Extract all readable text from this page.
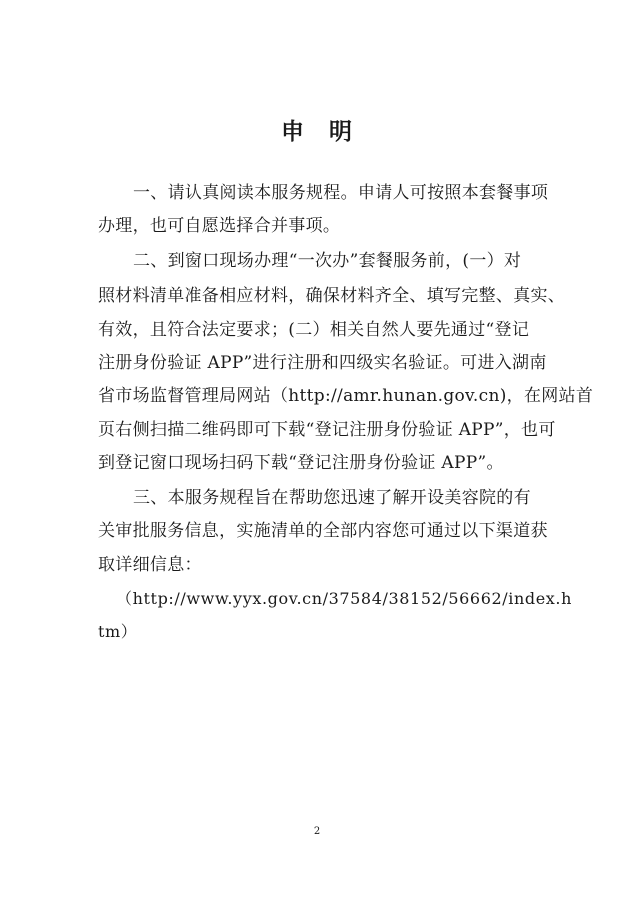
申　明
一、请认真阅读本服务规程。申请人可按照本套餐事项
办理，也可自愿选择合并事项。
二、到窗口现场办理“一次办”套餐服务前，(一）对
照材料清单准备相应材料，确保材料齐全、填写完整、真实、
有效，且符合法定要求；(二）相关自然人要先通过“登记
注册身份验证 APP”进行注册和四级实名验证。可进入湖南
省市场监督管理局网站（http://amr.hunan.gov.cn)，在网站首
页右侧扫描二维码即可下载“登记注册身份验证 APP”，也可
到登记窗口现场扫码下载“登记注册身份验证 APP”。
三、本服务规程旨在帮助您迅速了解开设美容院的有
关审批服务信息，实施清单的全部内容您可通过以下渠道获
取详细信息：
（http://www.yyx.gov.cn/37584/38152/56662/index.h
tm）
2
